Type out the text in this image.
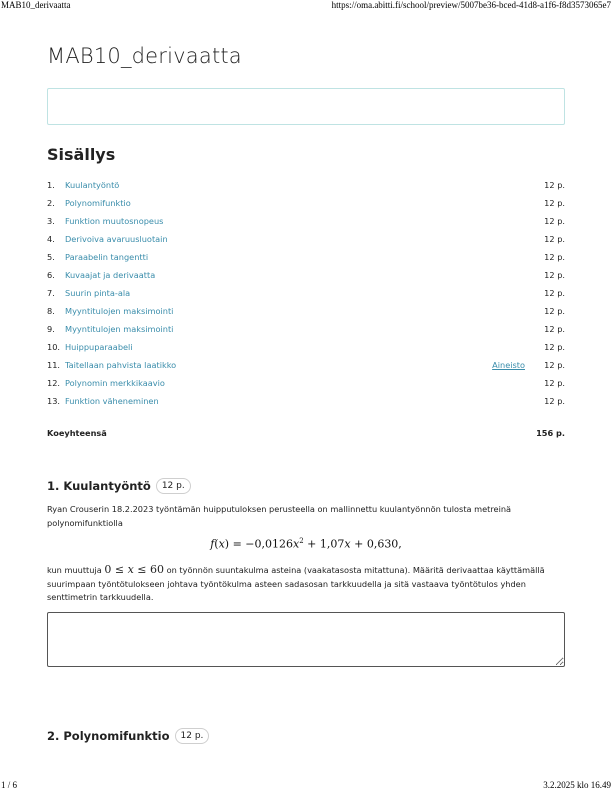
MAB10_derivaatta	https://oma.abitti.fi/school/preview/5007be36-bced-41d8-a1f6-f8d3573065e7
MAB10_derivaatta
Sisällys
1. Kuulantyöntö	12 p.
2. Polynomifunktio	12 p.
3. Funktion muutosnopeus	12 p.
4. Derivoiva avaruusluotain	12 p.
5. Paraabelin tangentti	12 p.
6. Kuvaajat ja derivaatta	12 p.
7. Suurin pinta-ala	12 p.
8. Myyntitulojen maksimointi	12 p.
9. Myyntitulojen maksimointi	12 p.
10. Huippuparaabeli	12 p.
11. Taitellaan pahvista laatikko	Aineisto 12 p.
12. Polynomin merkkikaavio	12 p.
13. Funktion väheneminen	12 p.
Koeyhteensä	156 p.
1. Kuulantyöntö	12 p.

Ryan Crouserin 18.2.2023 työntämän huipputuloksen perusteella on mallinnettu kuulantyönnön tulosta metreinä polynomifunktiolla

$f(x) = -0,0126x^2 + 1,07x + 0,630$,

kun muuttuja 0 ≤ x ≤ 60 on työnnön suuntakulma asteina (vaakatasosta mitattuna). Määritä derivaattaa käyttämällä suurimpaan työntötulokseen johtava työntökulma asteen sadasosan tarkkuudella ja sitä vastaava työntötulos yhden senttimetrin tarkkuudella.

2. Polynomifunktio	12 p.
1 / 6	3.2.2025 klo 16.49
